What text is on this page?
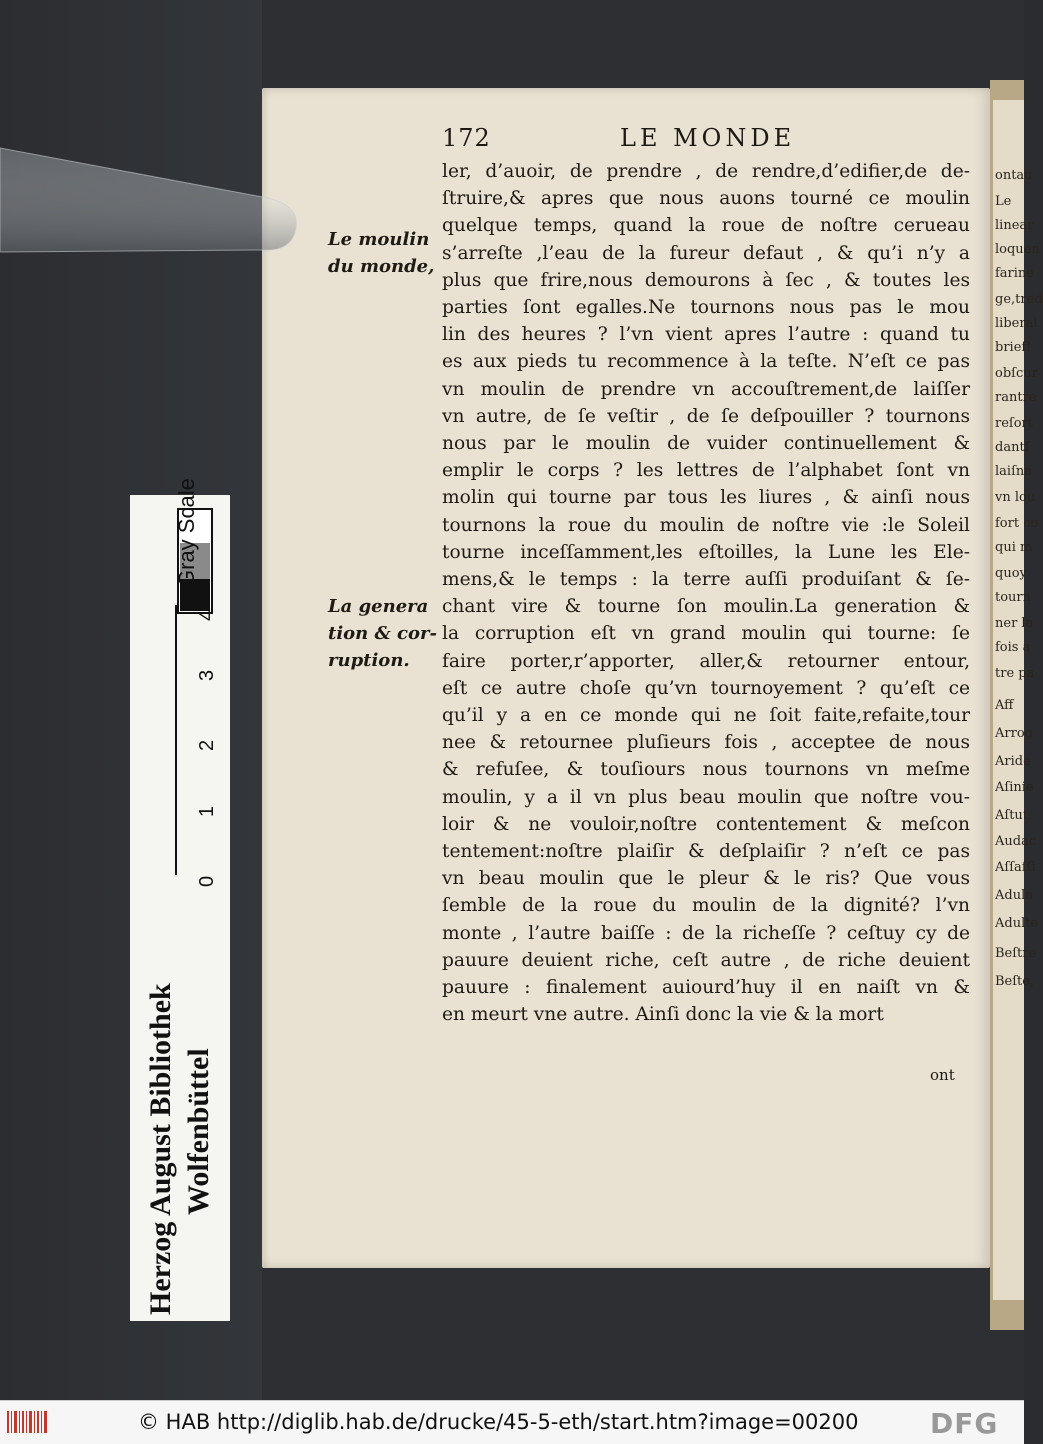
ontau
Le
linear
loquen
farine
ge,tred
liberal
brief!
obſcur
rantre
reſort
dantſ
laiſna
vn lou
fort co
qui m
quoy
tourn
ner la
fois a
tre pa
Aff
Arrog
Aride
Aſinie
Aſtut.
Audac
Aſſaſſi
Adula
Adulte
Beſtre
Beſte,
172	LE MONDE
Le moulin
du monde,
La genera
tion & cor-
ruption.
ler, d’auoir, de prendre , de rendre,d’edifier,de de-
ſtruire,& apres que nous auons tourné ce moulin
quelque temps, quand la roue de noſtre cerueau
s’arreſte ,l’eau de la fureur defaut , & qu’i n’y a
plus que frire,nous demourons à ſec , & toutes les
parties ſont egalles.Ne tournons nous pas le mou
lin des heures ? l’vn vient apres l’autre : quand tu
es aux pieds tu recommence à la teſte. N’eſt ce pas
vn moulin de prendre vn accouſtrement,de laiſſer
vn autre, de ſe veſtir , de ſe deſpouiller ? tournons
nous par le moulin de vuider continuellement &
emplir le corps ? les lettres de l’alphabet ſont vn
molin qui tourne par tous les liures , & ainſi nous
tournons la roue du moulin de noſtre vie :le Soleil
tourne inceſſamment,les eſtoilles, la Lune les Ele-
mens,& le temps : la terre auſſi produiſant & ſe-
chant vire & tourne ſon moulin.La generation &
la corruption eſt vn grand moulin qui tourne: ſe
faire porter,r’apporter, aller,& retourner entour,
eſt ce autre choſe qu’vn tournoyement ? qu’eſt ce
qu’il y a en ce monde qui ne ſoit faite,refaite,tour
nee & retournee pluſieurs fois , acceptee de nous
& refuſee, & touſiours nous tournons vn meſme
moulin, y a il vn plus beau moulin que noſtre vou-
loir & ne vouloir,noſtre contentement & meſcon
tentement:noſtre plaiſir & deſplaiſir ? n’eſt ce pas
vn beau moulin que le pleur & le ris? Que vous
ſemble de la roue du moulin de la dignité? l’vn
monte , l’autre baiſſe : de la richeſſe ? ceſtuy cy de
pauure deuient riche, ceſt autre , de riche deuient
pauure : finalement auiourd’huy il en naiſt vn &
en meurt vne autre. Ainſi donc la vie & la mort
ont
Gray Scale
4
3
2
1
0
Herzog August Bibliothek Wolfenbüttel
© HAB http://diglib.hab.de/drucke/45-5-eth/start.htm?image=00200	DFG
